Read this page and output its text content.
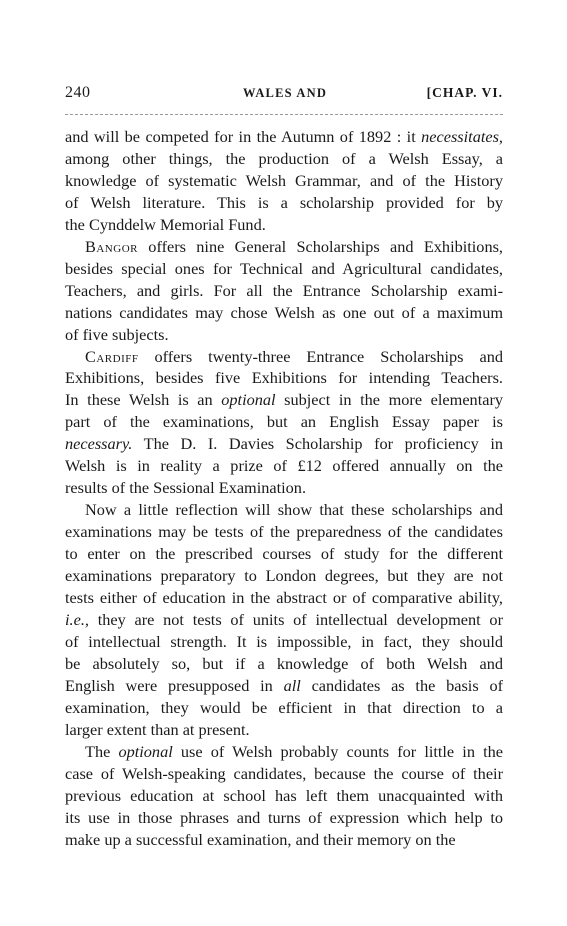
240	WALES AND	[CHAP. VI.
and will be competed for in the Autumn of 1892 : it necessitates,
among other things, the production of a Welsh Essay, a
knowledge of systematic Welsh Grammar, and of the History
of Welsh literature. This is a scholarship provided for by
the Cynddelw Memorial Fund.
Bangor offers nine General Scholarships and Exhibitions,
besides special ones for Technical and Agricultural candidates,
Teachers, and girls. For all the Entrance Scholarship exami-
nations candidates may chose Welsh as one out of a maximum
of five subjects.
Cardiff offers twenty-three Entrance Scholarships and
Exhibitions, besides five Exhibitions for intending Teachers.
In these Welsh is an optional subject in the more elementary
part of the examinations, but an English Essay paper is
necessary. The D. I. Davies Scholarship for proficiency in
Welsh is in reality a prize of £12 offered annually on the
results of the Sessional Examination.
Now a little reflection will show that these scholarships and
examinations may be tests of the preparedness of the candidates
to enter on the prescribed courses of study for the different
examinations preparatory to London degrees, but they are not
tests either of education in the abstract or of comparative ability,
i.e., they are not tests of units of intellectual development or
of intellectual strength. It is impossible, in fact, they should
be absolutely so, but if a knowledge of both Welsh and
English were presupposed in all candidates as the basis of
examination, they would be efficient in that direction to a
larger extent than at present.
The optional use of Welsh probably counts for little in the
case of Welsh-speaking candidates, because the course of their
previous education at school has left them unacquainted with
its use in those phrases and turns of expression which help to
make up a successful examination, and their memory on the
